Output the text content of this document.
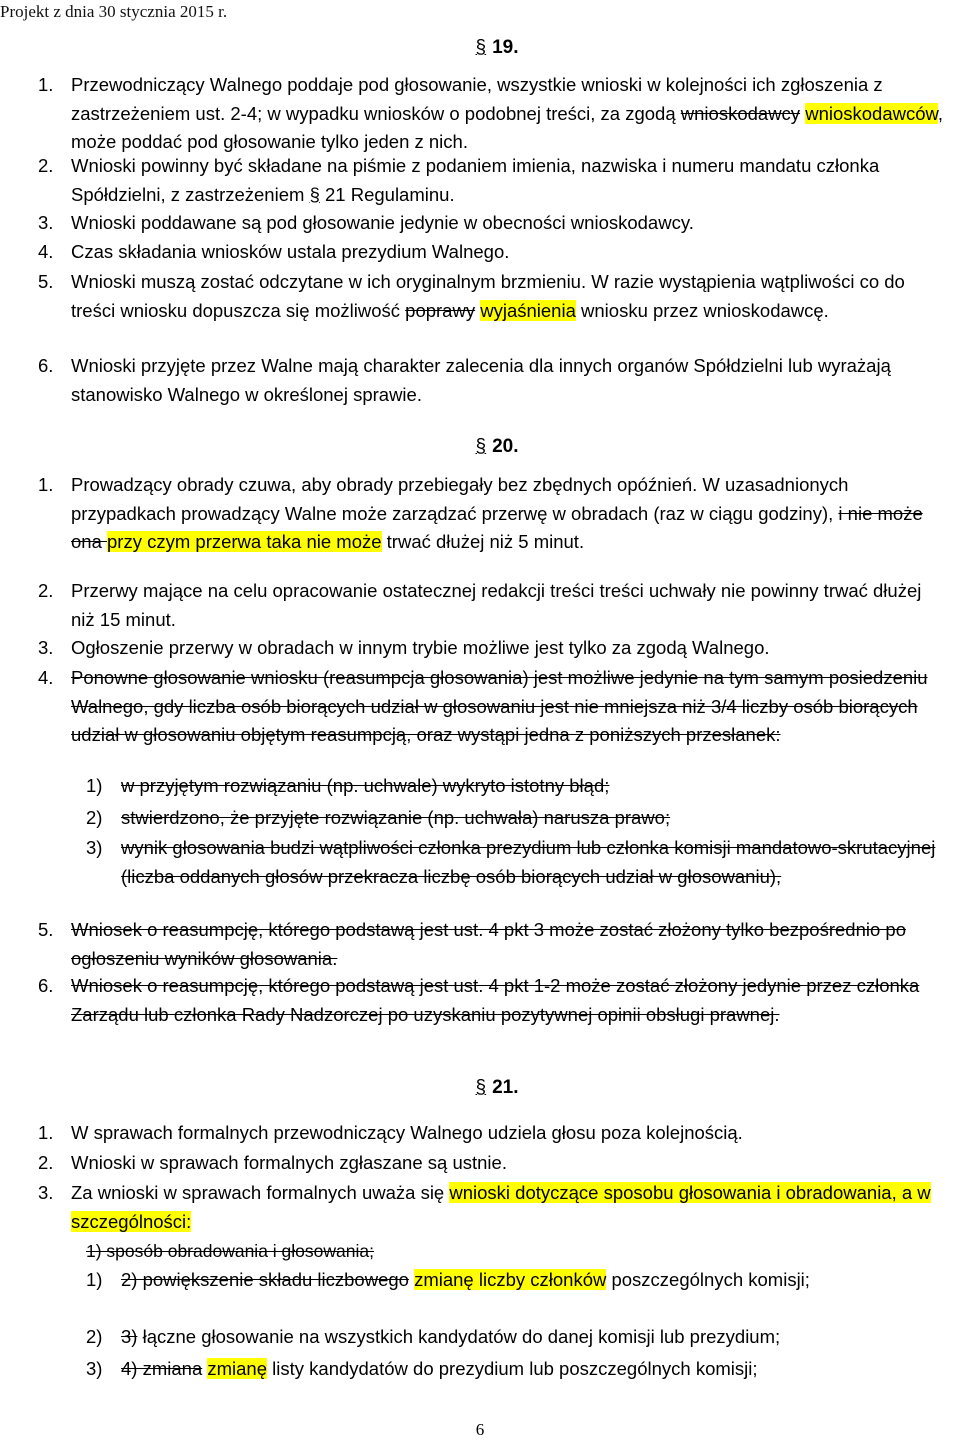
Projekt z dnia 30 stycznia 2015 r.
§ 19.
1. Przewodniczący Walnego poddaje pod głosowanie, wszystkie wnioski w kolejności ich zgłoszenia z zastrzeżeniem ust. 2-4; w wypadku wniosków o podobnej treści, za zgodą wnioskodawcy wnioskodawców, może poddać pod głosowanie tylko jeden z nich.
2. Wnioski powinny być składane na piśmie z podaniem imienia, nazwiska i numeru mandatu członka Spółdzielni, z zastrzeżeniem § 21 Regulaminu.
3. Wnioski poddawane są pod głosowanie jedynie w obecności wnioskodawcy.
4. Czas składania wniosków ustala prezydium Walnego.
5. Wnioski muszą zostać odczytane w ich oryginalnym brzmieniu. W razie wystąpienia wątpliwości co do treści wniosku dopuszcza się możliwość poprawy wyjaśnienia wniosku przez wnioskodawcę.
6. Wnioski przyjęte przez Walne mają charakter zalecenia dla innych organów Spółdzielni lub wyrażają stanowisko Walnego w określonej sprawie.
§ 20.
1. Prowadzący obrady czuwa, aby obrady przebiegały bez zbędnych opóźnień. W uzasadnionych przypadkach prowadzący Walne może zarządzać przerwę w obradach (raz w ciągu godziny), i nie może ona przy czym przerwa taka nie może trwać dłużej niż 5 minut.
2. Przerwy mające na celu opracowanie ostatecznej redakcji treści treści uchwały nie powinny trwać dłużej niż 15 minut.
3. Ogłoszenie przerwy w obradach w innym trybie możliwe jest tylko za zgodą Walnego.
4. Ponowne głosowanie wniosku (reasumpcja głosowania) jest możliwe jedynie na tym samym posiedzeniu Walnego, gdy liczba osób biorących udział w głosowaniu jest nie mniejsza niż 3/4 liczby osób biorących udział w głosowaniu objętym reasumpcją, oraz wystąpi jedna z poniższych przesłanek:
1) w przyjętym rozwiązaniu (np. uchwale) wykryto istotny błąd;
2) stwierdzono, że przyjęte rozwiązanie (np. uchwała) narusza prawo;
3) wynik głosowania budzi wątpliwości członka prezydium lub członka komisji mandatowo-skrutacyjnej (liczba oddanych głosów przekracza liczbę osób biorących udział w głosowaniu),
5. Wniosek o reasumpcję, którego podstawą jest ust. 4 pkt 3 może zostać złożony tylko bezpośrednio po ogłoszeniu wyników głosowania.
6. Wniosek o reasumpcję, którego podstawą jest ust. 4 pkt 1-2 może zostać złożony jedynie przez członka Zarządu lub członka Rady Nadzorczej po uzyskaniu pozytywnej opinii obsługi prawnej.
§ 21.
1. W sprawach formalnych przewodniczący Walnego udziela głosu poza kolejnością.
2. Wnioski w sprawach formalnych zgłaszane są ustnie.
3. Za wnioski w sprawach formalnych uważa się wnioski dotyczące sposobu głosowania i obradowania, a w szczególności:
1) sposób obradowania i głosowania;
1) 2) powiększenie składu liczbowego zmianę liczby członków poszczególnych komisji;
2) 3) łączne głosowanie na wszystkich kandydatów do danej komisji lub prezydium;
3) 4) zmiana zmianę listy kandydatów do prezydium lub poszczególnych komisji;
6
